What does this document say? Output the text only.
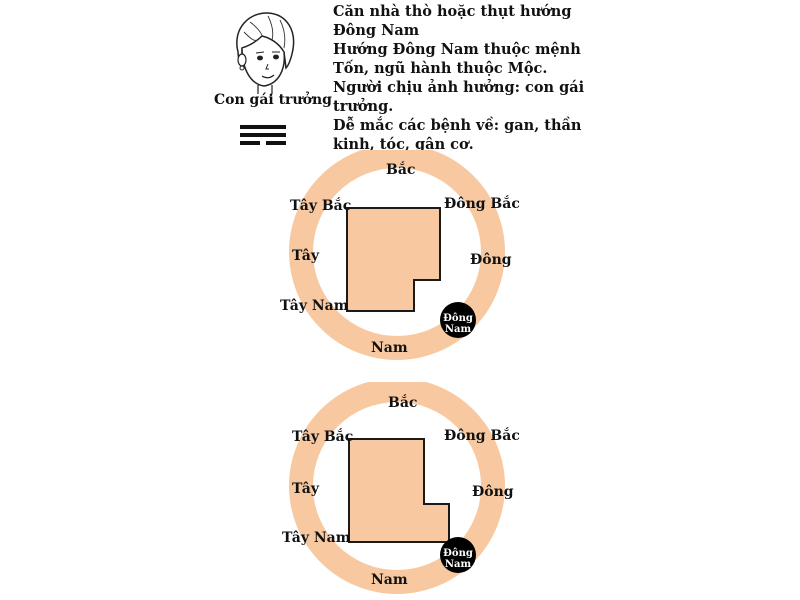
Con gái trưởng

Căn nhà thò hoặc thụt hướng Đông Nam

Hướng Đông Nam thuộc mệnh Tốn, ngũ hành thuộc Mộc.

Người chịu ảnh hưởng: con gái trưởng.

Dễ mắc các bệnh về: gan, thần kinh, tóc, gân cơ.

Bắc
Đông Bắc
Đông
Nam
Tây Nam
Tây
Tây Bắc
Đông
Nam
Bắc
Đông Bắc
Đông
Nam
Tây Nam
Tây
Tây Bắc
Đông
Nam
